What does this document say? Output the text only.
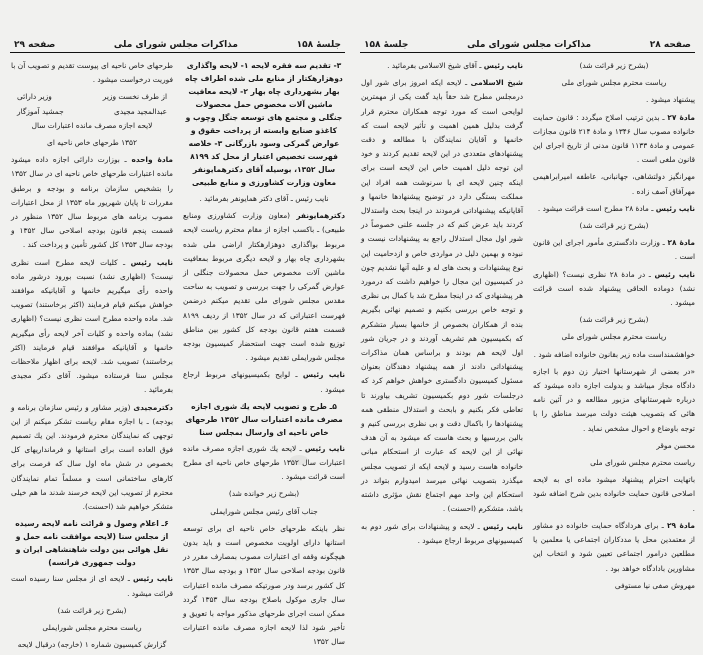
جلسهٔ ۱۵۸
مذاکرات مجلس شورای ملی
صفحه ۲۹

۳- تقدیم سه فقره لایحه ۱- لایحه واگذاری دوهزارهکتار از منابع ملی شده اطراف چاه بهار بشهرداری چاه بهار ۲- لایحه معافیت ماشین آلات مخصوص حمل محصولات جنگلی و مجتمع های توسعه جنگل وچوب و کاغذو صنایع وابسته از پرداخت حقوق و عوارض گمرکی وسود بازرگانی ۳- خلاصه فهرست تخصیص اعتبار از محل کد ۸۱۹۹ سال ۱۳۵۲، بوسیله آقای دکترهمایونفر معاون وزارت کشاورزی و منابع طبیعی

نایب رئیس ـ آقای دکتر همایونفر بفرمائید .

دکترهمایونفر (معاون وزارت کشاورزی ومنابع طبیعی) ـ باکسب اجازه از مقام محترم ریاست لایحه مربوط بواگذاری دوهزارهکتار اراضی ملی شده بشهرداری چاه بهار و لایحه دیگری مربوط بمعافیت ماشین آلات مخصوص حمل محصولات جنگلی از عوارض گمرکی را جهت بررسی و تصویب به ساحت مقدس مجلس شورای ملی تقدیم میکنم درضمن فهرست اعتباراتی که در سال ۱۳۵۲ از ردیف ۸۱۹۹ قسمت هفتم قانون بودجه کل کشور بین مناطق توزیع شده است جهت استحضار کمیسیون بودجه مجلس شورایملی تقدیم میشود .

نایب رئیس ـ لوایح بکمیسیونهای مربوط ارجاع میشود .

۵ـ طرح و تصویب لایحه یك شوری اجازه مصرف مانده اعتبارات سال ۱۳۵۲ طرحهای خاص ناحیه ای وارسال بمجلس سنا

نایب رئیس ـ لایحه یك شوری اجازه مصرف مانده اعتبارات سال ۱۳۵۲ طرحهای خاص ناحیه ای مطرح است قرائت میشود .

(بشرح زیر خوانده شد)

جناب آقای رئیس مجلس شورایملی

نظر باینکه طرحهای خاص ناحیه ای برای توسعه استانها دارای اولویت مخصوص است و باید بدون هیچگونه وقفه ای اعتبارات مصوب بمصارف مقرر در قانون بودجه اصلاحی سال ۱۳۵۲ و بودجه سال ۱۳۵۳ کل کشور برسد ودر صورتیکه مصرف مانده اعتبارات سال جاری موکول باصلاح بودجه سال ۱۳۵۳ گردد ممکن است اجرای طرحهای مذکور مواجه با تعویق و تأخیر شود لذا لایحه اجازه مصرف مانده اعتبارات سال ۱۳۵۲

طرحهای خاص ناحیه ای پیوست تقدیم و تصویب آن با فوریت درخواست میشود .

از طرف نخست وزیر
وزیر دارائی
عبدالمجید مجیدی
جمشید آموزگار

لایحه اجازه مصرف مانده اعتبارات سال

۱۳۵۲ طرحهای خاص ناحیه ای

مادهٔ واحده ـ بوزارت دارائی اجازه داده میشود مانده اعتبارات طرحهای خاص ناحیه ای در سال ۱۳۵۲ را بتشخیص سازمان برنامه و بودجه و برطبق مقررات تا پایان شهریور ماه ۱۳۵۳ از محل اعتبارات مصوب برنامه های مربوط سال ۱۳۵۲ منظور در قسمت پنجم قانون بودجه اصلاحی سال ۱۳۵۲ و بودجه سال ۱۳۵۳ کل کشور تأمین و پرداخت کند .

نایب رئیس ـ کلیات لایحه مطرح است نظری نیست؟ (اظهاری نشد) نسبت بورود درشور ماده واحده رأی میگیریم خانمها و آقایانیکه موافقند خواهش میکنم قیام فرمایند (اکثر برخاستند) تصویب شد. ماده واحده مطرح است نظری نیست؟ (اظهاری نشد) بماده واحده و کلیات آخر لایحه رأی میگیریم خانمها و آقایانیکه موافقند قیام فرمایند (اکثر برخاستند) تصویب شد. لایحه برای اظهار ملاحظات مجلس سنا فرستاده میشود. آقای دکتر مجیدی بفرمائید .

دکترمجیدی (وزیر مشاور و رئیس سازمان برنامه و بودجه) ـ با اجازه مقام ریاست تشکر میکنم از این توجهی که نمایندگان محترم فرمودند. این یك تصمیم فوق العاده است برای استانها و فرمانداریهای کل بخصوص در شش ماه اول سال که فرصت برای کارهای ساختمانی است و مسلماً تمام نمایندگان محترم از تصویب این لایحه خرسند شدند ما هم خیلی متشکر خواهیم شد (احسنت).

۶ـ اعلام وصول و قرائت نامه لایحه رسیده از مجلس سنا (لایحه موافقت نامه حمل و نقل هوائی بین دولت شاهنشاهی ایران و دولت جمهوری فرانسه)

نایب رئیس ـ لایحه ای از مجلس سنا رسیده است قرائت میشود .

(بشرح زیر قرائت شد)

ریاست محترم مجلس شورایملی

گزارش کمیسیون شماره ۱ (خارجه) درقبال لایحه

صفحه ۲۸
مذاکرات مجلس شورای ملی
جلسهٔ ۱۵۸

(بشرح زیر قرائت شد)

ریاست محترم مجلس شورای ملی

پیشنهاد میشود .

مادهٔ ۲۷ ـ بدین ترتیب اصلاح میگردد : قانون حمایت خانواده مصوب سال ۱۳۴۶ و مادهٔ ۲۱۴ قانون مجازات عمومی و مادهٔ ۱۱۳۳ قانون مدنی از تاریخ اجرای این قانون ملغی است .

مهرانگیز دولتشاهی، جهانبانی، عاطفه امیرابراهیمی مهرآفاق آصف زاده .

نایب رئیس ـ مادهٔ ۲۸ مطرح است قرائت میشود .

(بشرح زیر قرائت شد)

مادهٔ ۲۸ ـ وزارت دادگستری مأمور اجرای این قانون است .

نایب رئیس ـ در مادهٔ ۲۸ نظری نیست؟ (اظهاری نشد) دوماده الحاقی پیشنهاد شده است قرائت میشود .

(بشرح زیر قرائت شد)

ریاست محترم مجلس شورای ملی

خواهشمنداست ماده زیر بقانون خانواده اضافه شود .

«در بعضی از شهرستانها اختیار زن دوم با اجازه دادگاه مجاز میباشد و بدولت اجازه داده میشود که درباره شهرستانهای مزبور مطالعه و در آئین نامه هائی که بتصویب هیئت دولت میرسد مناطق را با توجه باوضاع و احوال مشخص نماید .

محسن موقر

ریاست محترم مجلس شورای ملی

باتهایت احترام پیشنهاد میشود ماده ای به لایحه اصلاحی قانون حمایت خانواده بدین شرح اضافه شود .

مادهٔ ۲۹ ـ برای هردادگاه حمایت خانواده دو مشاور از معتمدین محل یا مددکاران اجتماعی یا معلمین یا مطلعین درامور اجتماعی تعیین شود و انتخاب این مشاورین بادادگاه خواهد بود .

مهروش صفی نیا مستوفی

نایب رئیس ـ آقای شیخ الاسلامی بفرمائید .

شیخ الاسلامی ـ لایحه ایکه امروز برای شور اول درمجلس مطرح شد حقاً باید گفت یکی از مهمترین لوایحی است که مورد توجه همکاران محترم قرار گرفت بدلیل همین اهمیت و تأثیر لایحه است که خانمها و آقایان نمایندگان با مطالعه و دقت پیشنهادهای متعددی در این لایحه تقدیم کردند و خود این توجه دلیل اهمیت خاص این لایحه است برای اینکه چنین لایحه ای با سرنوشت همه افراد این مملکت بستگی دارد در توضیح پیشنهادها خانمها و آقایانیکه پیشنهاداتی فرمودند در اینجا بحث واستدلال کردند باید عرض کنم که در جلسه علنی خصوصاً در شور اول مجال استدلال راجع به پیشنهادات نیست و نبوده و بهمین دلیل در مواردی خاص و ازدحامیت این نوع پیشنهادات و بحث های له و علیه آنها نشدیم چون در کمیسیون این مجال را خواهیم داشت که درمورد هر پیشنهادی که در اینجا مطرح شد با کمال بی نظری و توجه خاص بررسی بکنیم و تصمیم نهائی بگیریم بنده از همکاران بخصوص از خانمها بسیار متشکرم که بکمیسیون هم تشریف آوردند و در جریان شور اول لایحه هم بودند و براساس همان مذاکرات پیشنهاداتی دادند از همه پیشنهاد دهندگان بعنوان مسئول کمیسیون دادگستری خواهش خواهم کرد که درجلسات شور دوم بکمیسیون تشریف بیاورند تا تعاطی فکر بکنیم و بابحث و استدلال منطقی همه پیشنهادها را باکمال دقت و بی نظری بررسی کنیم و بالین بررسیها و بحث هاست که میشود به آن هدف نهائی از این لایحه که عبارت از استحکام مبانی خانواده هاست رسید و لایحه ایکه از تصویب مجلس میگذرد بتصویب نهائی میرسد امیدوارم بتواند در استحکام این واحد مهم اجتماع نقش مؤثری داشته باشد، متشکرم (احسنت) .

نایب رئیس ـ لایحه و پیشنهادات برای شور دوم به کمیسیونهای مربوط ارجاع میشود .
